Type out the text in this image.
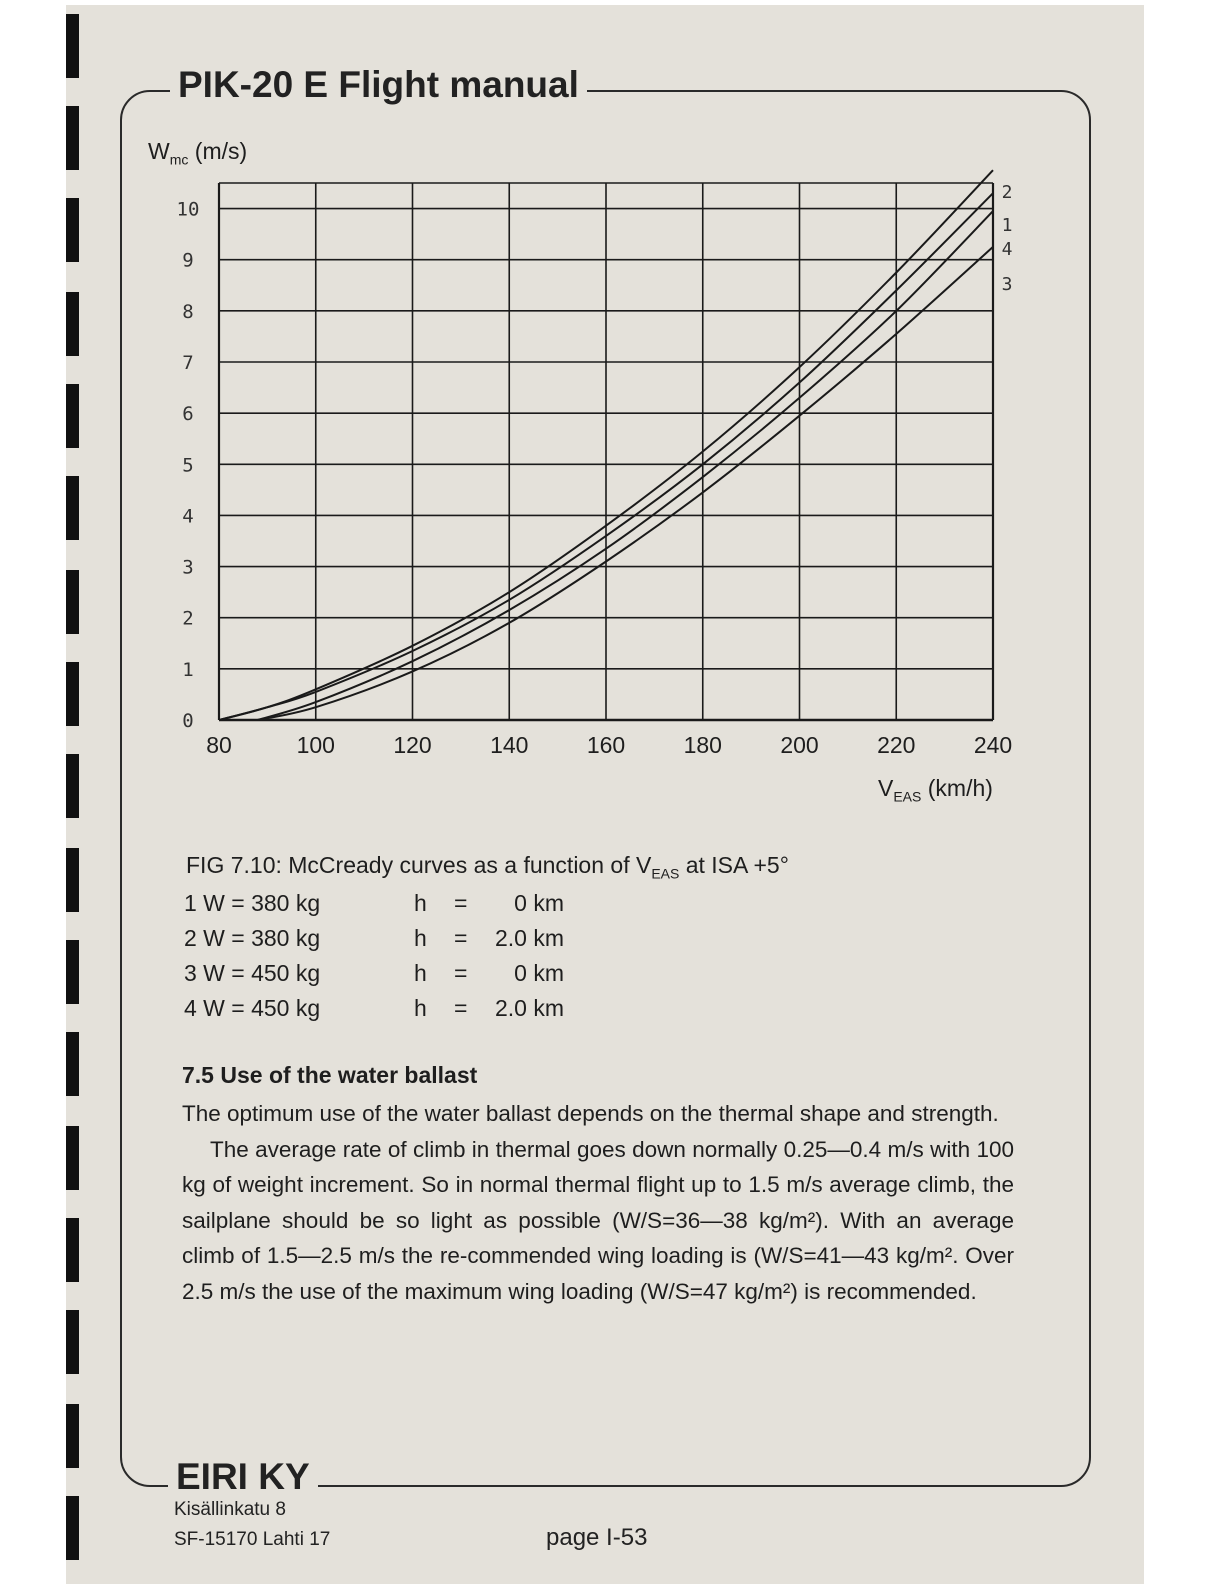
PIK-20 E Flight manual
$W_{mc}$ (m/s)
$V_{EAS}$ (km/h)
80	100	120	140	160	180	200	220	240
0
1
2
3
4
5
6
7
8
9
10
2
1
4
3
FIG 7.10: McCready curves as a function of $V_{EAS}$ at ISA +5°
1 W = 380 kg	h	=	0 km
2 W = 380 kg	h	=	2.0 km
3 W = 450 kg	h	=	0 km
4 W = 450 kg	h	=	2.0 km
7.5 Use of the water ballast

The optimum use of the water ballast depends on the thermal shape and strength.

The average rate of climb in thermal goes down normally 0.25—0.4 m/s with 100 kg of weight increment. So in normal thermal flight up to 1.5 m/s average climb, the sailplane should be so light as possible (W/S=36—38 kg/m²). With an average climb of 1.5—2.5 m/s the re-commended wing loading is (W/S=41—43 kg/m². Over 2.5 m/s the use of the maximum wing loading (W/S=47 kg/m²) is recommended.

EIRI KY
Kisällinkatu 8
SF-15170 Lahti 17	page I-53
